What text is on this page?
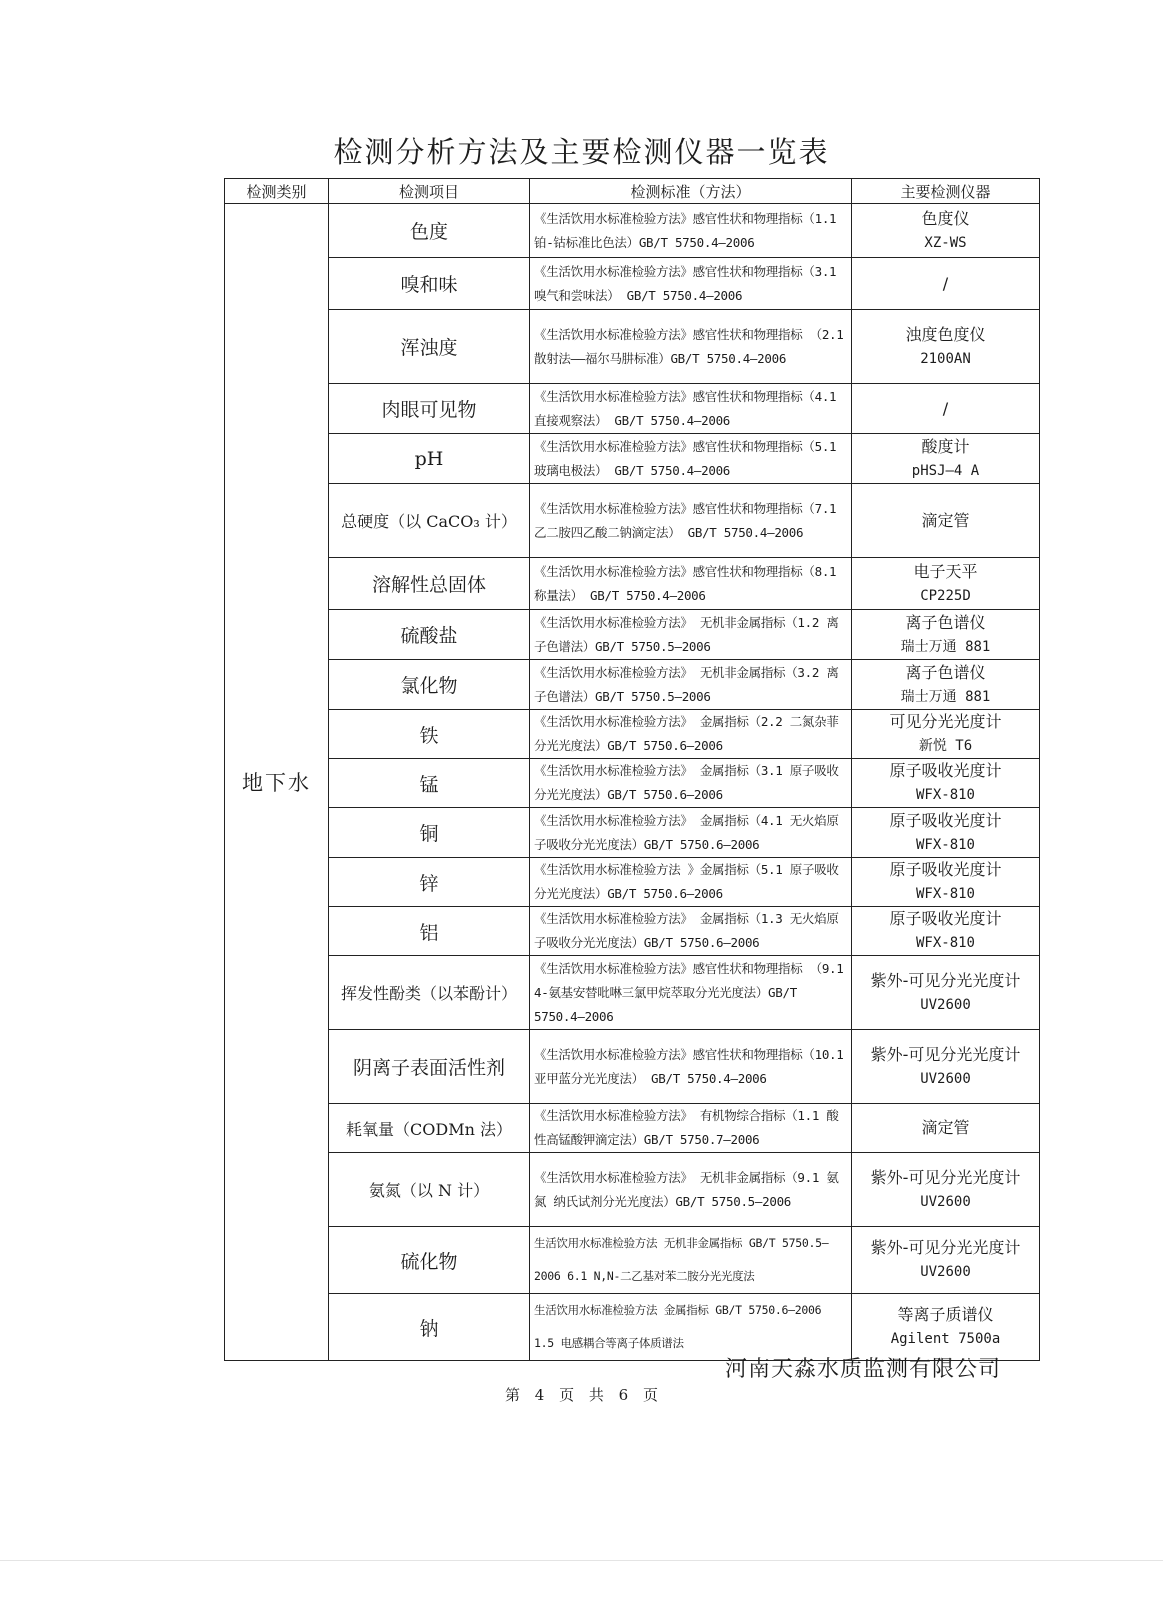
检测分析方法及主要检测仪器一览表
检测类别	检测项目	检测标准（方法）	主要检测仪器
地下水	色度	《生活饮用水标准检验方法》感官性状和物理指标（1.1 铂-钴标准比色法）GB/T 5750.4—2006	色度仪
XZ-WS

	嗅和味	《生活饮用水标准检验方法》感官性状和物理指标（3.1 嗅气和尝味法） GB/T 5750.4—2006	/
	浑浊度	《生活饮用水标准检验方法》感官性状和物理指标 （2.1 散射法——福尔马肼标准）GB/T 5750.4—2006	浊度色度仪
2100AN

	肉眼可见物	《生活饮用水标准检验方法》感官性状和物理指标（4.1 直接观察法） GB/T 5750.4—2006	/
	pH	《生活饮用水标准检验方法》感官性状和物理指标（5.1 玻璃电极法） GB/T 5750.4—2006	酸度计
pHSJ—4 A

	总硬度（以 CaCO₃ 计）	《生活饮用水标准检验方法》感官性状和物理指标（7.1 乙二胺四乙酸二钠滴定法） GB/T 5750.4—2006	滴定管
	溶解性总固体	《生活饮用水标准检验方法》感官性状和物理指标（8.1 称量法） GB/T 5750.4—2006	电子天平
CP225D

	硫酸盐	《生活饮用水标准检验方法》 无机非金属指标（1.2 离子色谱法）GB/T 5750.5—2006	离子色谱仪
瑞士万通 881

	氯化物	《生活饮用水标准检验方法》 无机非金属指标（3.2 离子色谱法）GB/T 5750.5—2006	离子色谱仪
瑞士万通 881

	铁	《生活饮用水标准检验方法》 金属指标（2.2 二氮杂菲分光光度法）GB/T 5750.6—2006	可见分光光度计
新悦 T6

	锰	《生活饮用水标准检验方法》 金属指标（3.1 原子吸收分光光度法）GB/T 5750.6—2006	原子吸收光度计
WFX-810

	铜	《生活饮用水标准检验方法》 金属指标（4.1 无火焰原子吸收分光光度法）GB/T 5750.6—2006	原子吸收光度计
WFX-810

	锌	《生活饮用水标准检验方法 》金属指标（5.1 原子吸收分光光度法）GB/T 5750.6—2006	原子吸收光度计
WFX-810

	铝	《生活饮用水标准检验方法》 金属指标（1.3 无火焰原子吸收分光光度法）GB/T 5750.6—2006	原子吸收光度计
WFX-810

	挥发性酚类（以苯酚计）	《生活饮用水标准检验方法》感官性状和物理指标 （9.1 4-氨基安替吡啉三氯甲烷萃取分光光度法）GB/T 5750.4—2006	紫外-可见分光光度计
UV2600

	阴离子表面活性剂	《生活饮用水标准检验方法》感官性状和物理指标（10.1 亚甲蓝分光光度法） GB/T 5750.4—2006	紫外-可见分光光度计
UV2600

	耗氧量（CODMn 法）	《生活饮用水标准检验方法》 有机物综合指标（1.1 酸性高锰酸钾滴定法）GB/T 5750.7—2006	滴定管
	氨氮（以 N 计）	《生活饮用水标准检验方法》 无机非金属指标（9.1 氨氮 纳氏试剂分光光度法）GB/T 5750.5—2006	紫外-可见分光光度计
UV2600

	硫化物	生活饮用水标准检验方法 无机非金属指标 GB/T 5750.5—2006 6.1 N,N-二乙基对苯二胺分光光度法	紫外-可见分光光度计
UV2600

	钠	生活饮用水标准检验方法 金属指标 GB/T 5750.6—2006 1.5 电感耦合等离子体质谱法	等离子质谱仪
Agilent 7500a
河南天淼水质监测有限公司
第 4 页 共 6 页
